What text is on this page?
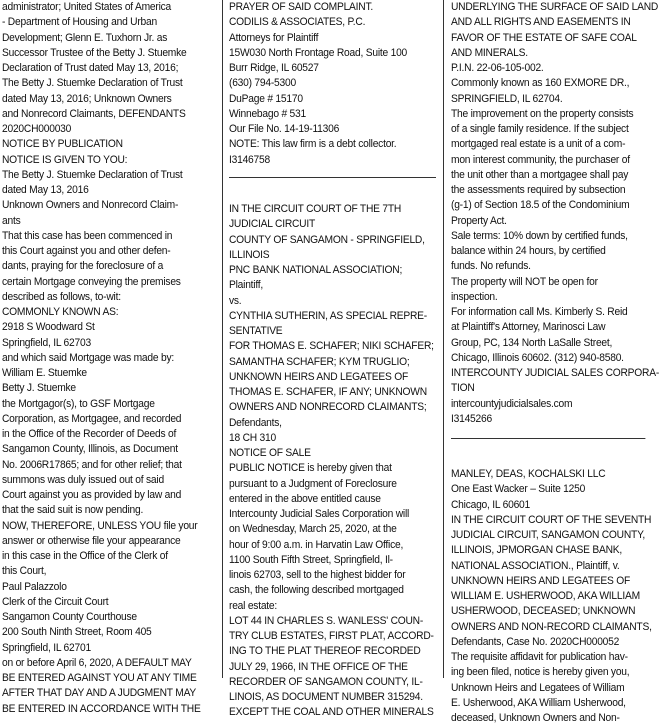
administrator; United States of America
- Department of Housing and Urban
Development; Glenn E. Tuxhorn Jr. as
Successor Trustee of the Betty J. Stuemke
Declaration of Trust dated May 13, 2016;
The Betty J. Stuemke Declaration of Trust
dated May 13, 2016; Unknown Owners
and Nonrecord Claimants, DEFENDANTS
2020CH000030
NOTICE BY PUBLICATION
NOTICE IS GIVEN TO YOU:
The Betty J. Stuemke Declaration of Trust
dated May 13, 2016
Unknown Owners and Nonrecord Claim-
ants
That this case has been commenced in
this Court against you and other defen-
dants, praying for the foreclosure of a
certain Mortgage conveying the premises
described as follows, to-wit:
COMMONLY KNOWN AS:
2918 S Woodward St
Springfield, IL 62703
and which said Mortgage was made by:
William E. Stuemke
Betty J. Stuemke
the Mortgagor(s), to GSF Mortgage
Corporation, as Mortgagee, and recorded
in the Office of the Recorder of Deeds of
Sangamon County, Illinois, as Document
No. 2006R17865; and for other relief; that
summons was duly issued out of said
Court against you as provided by law and
that the said suit is now pending.
NOW, THEREFORE, UNLESS YOU file your
answer or otherwise file your appearance
in this case in the Office of the Clerk of
this Court,
Paul Palazzolo
Clerk of the Circuit Court
Sangamon County Courthouse
200 South Ninth Street, Room 405
Springfield, IL 62701
on or before April 6, 2020, A DEFAULT MAY
BE ENTERED AGAINST YOU AT ANY TIME
AFTER THAT DAY AND A JUDGMENT MAY
BE ENTERED IN ACCORDANCE WITH THE
PRAYER OF SAID COMPLAINT.
CODILIS & ASSOCIATES, P.C.
Attorneys for Plaintiff
15W030 North Frontage Road, Suite 100
Burr Ridge, IL 60527
(630) 794-5300
DuPage # 15170
Winnebago # 531
Our File No. 14-19-11306
NOTE: This law firm is a debt collector.
I3146758
IN THE CIRCUIT COURT OF THE 7TH
JUDICIAL CIRCUIT
COUNTY OF SANGAMON - SPRINGFIELD,
ILLINOIS
PNC BANK NATIONAL ASSOCIATION;
Plaintiff,
vs.
CYNTHIA SUTHERIN, AS SPECIAL REPRE-
SENTATIVE
FOR THOMAS E. SCHAFER; NIKI SCHAFER;
SAMANTHA SCHAFER; KYM TRUGLIO;
UNKNOWN HEIRS AND LEGATEES OF
THOMAS E. SCHAFER, IF ANY; UNKNOWN
OWNERS AND NONRECORD CLAIMANTS;
Defendants,
18 CH 310
NOTICE OF SALE
PUBLIC NOTICE is hereby given that
pursuant to a Judgment of Foreclosure
entered in the above entitled cause
Intercounty Judicial Sales Corporation will
on Wednesday, March 25, 2020, at the
hour of 9:00 a.m. in Harvatin Law Office,
1100 South Fifth Street, Springfield, Il-
linois 62703, sell to the highest bidder for
cash, the following described mortgaged
real estate:
LOT 44 IN CHARLES S. WANLESS' COUN-
TRY CLUB ESTATES, FIRST PLAT, ACCORD-
ING TO THE PLAT THEREOF RECORDED
JULY 29, 1966, IN THE OFFICE OF THE
RECORDER OF SANGAMON COUNTY, IL-
LINOIS, AS DOCUMENT NUMBER 315294.
EXCEPT THE COAL AND OTHER MINERALS
UNDERLYING THE SURFACE OF SAID LAND
AND ALL RIGHTS AND EASEMENTS IN
FAVOR OF THE ESTATE OF SAFE COAL
AND MINERALS.
P.I.N. 22-06-105-002.
Commonly known as 160 EXMORE DR.,
SPRINGFIELD, IL 62704.
The improvement on the property consists
of a single family residence. If the subject
mortgaged real estate is a unit of a com-
mon interest community, the purchaser of
the unit other than a mortgagee shall pay
the assessments required by subsection
(g-1) of Section 18.5 of the Condominium
Property Act.
Sale terms: 10% down by certified funds,
balance within 24 hours, by certified
funds. No refunds.
The property will NOT be open for
inspection.
For information call Ms. Kimberly S. Reid
at Plaintiff's Attorney, Marinosci Law
Group, PC, 134 North LaSalle Street,
Chicago, Illinois 60602. (312) 940-8580.
INTERCOUNTY JUDICIAL SALES CORPORA-
TION
intercountyjudicialsales.com
I3145266
MANLEY, DEAS, KOCHALSKI LLC
One East Wacker – Suite 1250
Chicago, IL 60601
IN THE CIRCUIT COURT OF THE SEVENTH
JUDICIAL CIRCUIT, SANGAMON COUNTY,
ILLINOIS, JPMORGAN CHASE BANK,
NATIONAL ASSOCIATION., Plaintiff, v.
UNKNOWN HEIRS AND LEGATEES OF
WILLIAM E. USHERWOOD, AKA WILLIAM
USHERWOOD, DECEASED; UNKNOWN
OWNERS AND NON-RECORD CLAIMANTS,
Defendants, Case No. 2020CH000052
The requisite affidavit for publication hav-
ing been filed, notice is hereby given you,
Unknown Heirs and Legatees of William
E. Usherwood, AKA William Usherwood,
deceased, Unknown Owners and Non-
